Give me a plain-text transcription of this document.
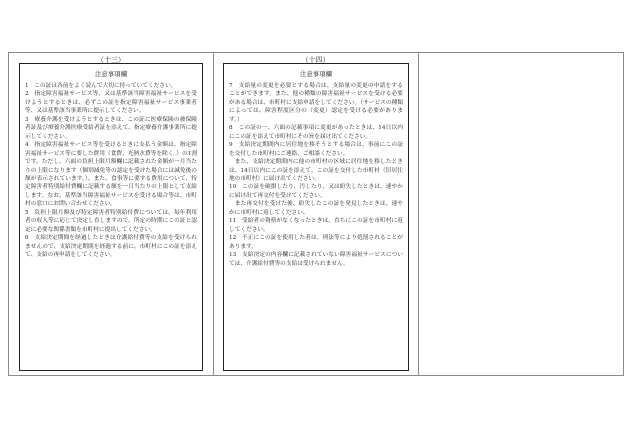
（十三）
注意事項欄

1　この証は各前をよく読んで大切に持っていてください。

2　指定障害福祉サービス等、又は基準該当障害福祉サービスを受けようとするときは、必ずこの証を指定障害福祉サービス事業者等、又は基準該当事業所に提示してください。

3　療養介護を受けようとするときは、この証に医療保険の被保険者証及び療養介護医療受給者証を添えて、指定療養介護事業所に提示してください。

4　指定障害福祉サービス等を受けるときに支払う金額は、指定障害福祉サービス等に要した費用（食費、光熱水費等を除く。）の1割です。ただし、六面の負担上限月額欄に記載された金額が一月当たりの上限になります（個別減免等の認定を受けた場合には減免後の額が表示されています。）。また、食事等に要する費用について、特定障害者特別給付費欄に記載する額を一日当たりの上限として支給します。なお、基準該当障害福祉サービスを受ける場合等は、市町村の窓口にお問い合わせください。

5　負担上限月額及び特定障害者特別給付費については、毎年利用者の収入等に応じて決定し直しますので、所定の時期にこの証と認定に必要な関係書類を市町村に提出してください。

6　支給決定期間を経過したときは介護給付費等の支給を受けられませんので、支給決定期間を経過する前に、市町村にこの証を添えて、支給の再申請をしてください。

（十四）
注意事項欄

7　支給量の変更を必要とする場合は、支給量の変更の申請をすることができます。また、他の種類の障害福祉サービスを受ける必要がある場合は、市町村に支給申請をしてください。（サービスの種類によっては、障害程度区分の（変更）認定を受ける必要があります。）

8　この証の一、六面の記載事項に変更があったときは、14日以内にこの証を添えて市町村にその旨を届け出てください。

9　支給決定期間内に居住地を移そうとする場合は、事前にこの証を交付した市町村にご連絡、ご相談ください。

　また、支給決定期間内に他の市町村の区域に居住地を移したときは、14日以内にこの証を添えて、この証を交付した市町村（旧居住地の市町村）に届け出てください。

10　この証を破損したり、汚したり、又は紛失したときは、速やかに届け出て再交付を受けてください。

　また再交付を受けた後、紛失したこの証を発見したときは、速やかに市町村に返してください。

11　受給者の資格がなくなったときは、直ちにこの証を市町村に返してください。

12　不正にこの証を使用した者は、刑法等により処罰されることがあります。

13　支給決定の内容欄に記載されていない障害福祉サービスについては、介護給付費等の支給は受けられません。
